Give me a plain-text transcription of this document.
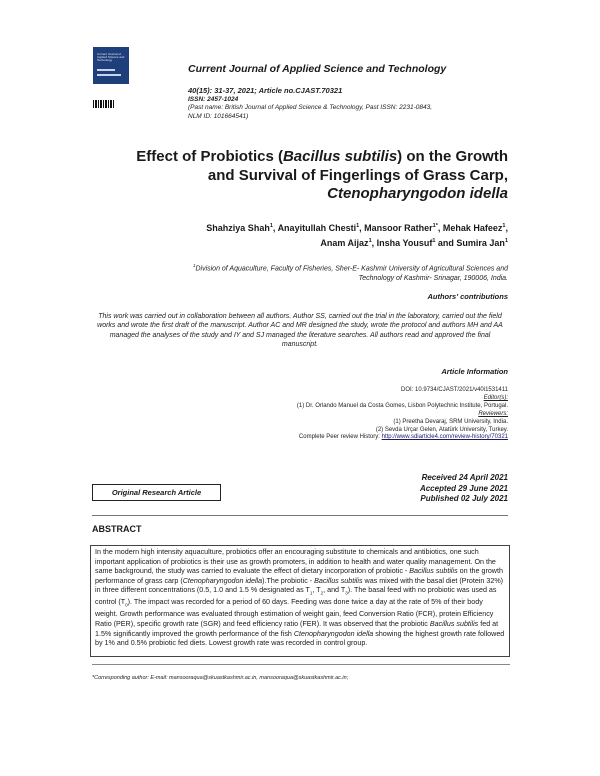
Current Journal of Applied Science and Technology
Current Journal of Applied Science and Technology
40(15): 31-37, 2021; Article no.CJAST.70321
ISSN: 2457-1024
(Past name: British Journal of Applied Science & Technology, Past ISSN: 2231-0843,
NLM ID: 101664541)
Effect of Probiotics (Bacillus subtilis) on the Growth
and Survival of Fingerlings of Grass Carp,
Ctenopharyngodon idella
Shahziya Shah$^1$, Anayitullah Chesti$^1$, Mansoor Rather$^{1*}$, Mehak Hafeez$^1$,
Anam Aijaz$^1$, Insha Yousuf$^1$ and Sumira Jan$^1$
$^1$Division of Aquaculture, Faculty of Fisheries, Sher-E- Kashmir University of Agricultural Sciences and
Technology of Kashmir- Srinagar, 190006, India.
Authors' contributions
This work was carried out in collaboration between all authors. Author SS, carried out the trial in the laboratory, carried out the field works and wrote the first draft of the manuscript. Author AC and MR designed the study, wrote the protocol and authors MH and AA managed the analyses of the study and IY and SJ managed the literature searches. All authors read and approved the final manuscript.
Article Information
DOI: 10.9734/CJAST/2021/v40i1531411
Editor(s):
(1) Dr. Orlando Manuel da Costa Gomes, Lisbon Polytechnic Institute, Portugal.
Reviewers:
(1) Preetha Devaraj, SRM University, India.
(2) Sevda Urçar Gelen, Atatürk University, Turkey.
Complete Peer review History: http://www.sdiarticle4.com/review-history/70321
Received 24 April 2021
Accepted 29 June 2021
Published 02 July 2021
Original Research Article
ABSTRACT
In the modern high intensity aquaculture, probiotics offer an encouraging substitute to chemicals and antibiotics, one such important application of probiotics is their use as growth promoters, in addition to health and water quality management. On the same background, the study was carried to evaluate the effect of dietary incorporation of probiotic - Bacillus subtilis on the growth performance of grass carp (Ctenopharyngodon idella).The probiotic - Bacillus subtilis was mixed with the basal diet (Protein 32%) in three different concentrations (0.5, 1.0 and 1.5 % designated as $T_1$, $T_2$, and $T_3$). The basal feed with no probiotic was used as control $(T_0)$. The impact was recorded for a period of 60 days. Feeding was done twice a day at the rate of 5% of their body weight. Growth performance was evaluated through estimation of weight gain, feed Conversion Ratio (FCR), protein Efficiency Ratio (PER), specific growth rate (SGR) and feed efficiency ratio (FER). It was observed that the probiotic Bacillus subtilis fed at 1.5% significantly improved the growth performance of the fish Ctenopharyngodon idella showing the highest growth rate followed by 1% and 0.5% probiotic fed diets. Lowest growth rate was recorded in control group.
*Corresponding author: E-mail: mansooraqua@skuastkashmir.ac.in, mansooraqua@skuastkashmir.ac.in;
